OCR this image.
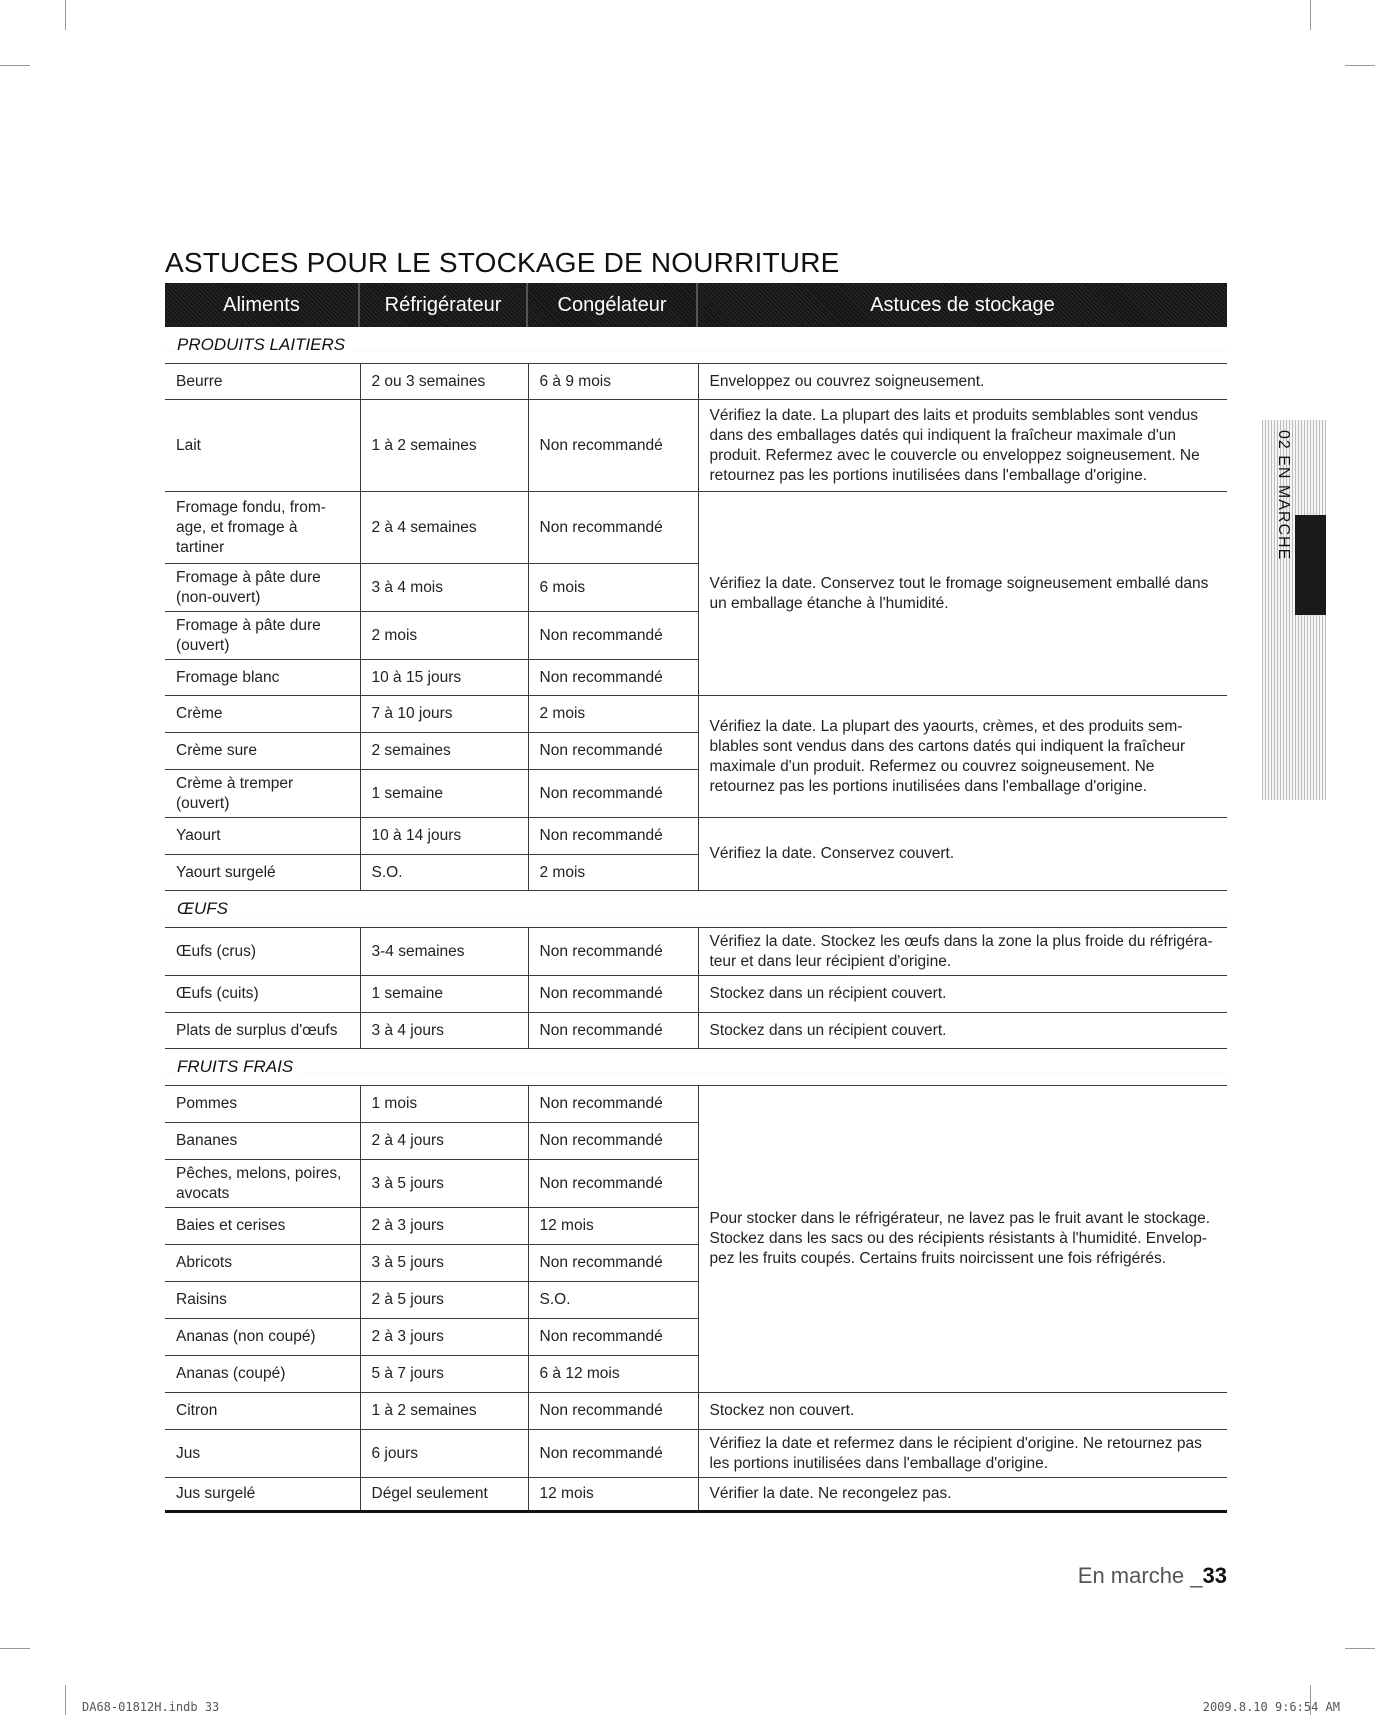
ASTUCES POUR LE STOCKAGE DE NOURRITURE
Aliments	Réfrigérateur	Congélateur	Astuces de stockage
PRODUITS LAITIERS			
Beurre	2 ou 3 semaines	6 à 9 mois	Enveloppez ou couvrez soigneusement.
Lait	1 à 2 semaines	Non recommandé	Vérifiez la date. La plupart des laits et produits semblables sont vendus dans des emballages datés qui indiquent la fraîcheur maximale d'un produit. Refermez avec le couvercle ou enveloppez soigneusement. Ne retournez pas les portions inutilisées dans l'emballage d'origine.
Fromage fondu, from-age, et fromage à tartiner	2 à 4 semaines	Non recommandé	Vérifiez la date. Conservez tout le fromage soigneusement emballé dans un emballage étanche à l'humidité.
Fromage à pâte dure (non-ouvert)	3 à 4 mois	6 mois	
Fromage à pâte dure (ouvert)	2 mois	Non recommandé	
Fromage blanc	10 à 15 jours	Non recommandé	
Crème	7 à 10 jours	2 mois	Vérifiez la date. La plupart des yaourts, crèmes, et des produits sem-blables sont vendus dans des cartons datés qui indiquent la fraîcheur maximale d'un produit. Refermez ou couvrez soigneusement. Ne retournez pas les portions inutilisées dans l'emballage d'origine.
Crème sure	2 semaines	Non recommandé	
Crème à tremper (ouvert)	1 semaine	Non recommandé	
Yaourt	10 à 14 jours	Non recommandé	Vérifiez la date. Conservez couvert.
Yaourt surgelé	S.O.	2 mois	
ŒUFS			
Œufs (crus)	3-4 semaines	Non recommandé	Vérifiez la date. Stockez les œufs dans la zone la plus froide du réfrigéra-teur et dans leur récipient d'origine.
Œufs (cuits)	1 semaine	Non recommandé	Stockez dans un récipient couvert.
Plats de surplus d'œufs	3 à 4 jours	Non recommandé	Stockez dans un récipient couvert.
FRUITS FRAIS			
Pommes	1 mois	Non recommandé	Pour stocker dans le réfrigérateur, ne lavez pas le fruit avant le stockage. Stockez dans les sacs ou des récipients résistants à l'humidité. Envelop-pez les fruits coupés. Certains fruits noircissent une fois réfrigérés.
Bananes	2 à 4 jours	Non recommandé	
Pêches, melons, poires, avocats	3 à 5 jours	Non recommandé	
Baies et cerises	2 à 3 jours	12 mois	
Abricots	3 à 5 jours	Non recommandé	
Raisins	2 à 5 jours	S.O.	
Ananas (non coupé)	2 à 3 jours	Non recommandé	
Ananas (coupé)	5 à 7 jours	6 à 12 mois	
Citron	1 à 2 semaines	Non recommandé	Stockez non couvert.
Jus	6 jours	Non recommandé	Vérifiez la date et refermez dans le récipient d'origine. Ne retournez pas les portions inutilisées dans l'emballage d'origine.
Jus surgelé	Dégel seulement	12 mois	Vérifier la date. Ne recongelez pas.
02 EN MARCHE
En marche _33
DA68-01812H.indb 33	2009.8.10 9:6:54 AM
